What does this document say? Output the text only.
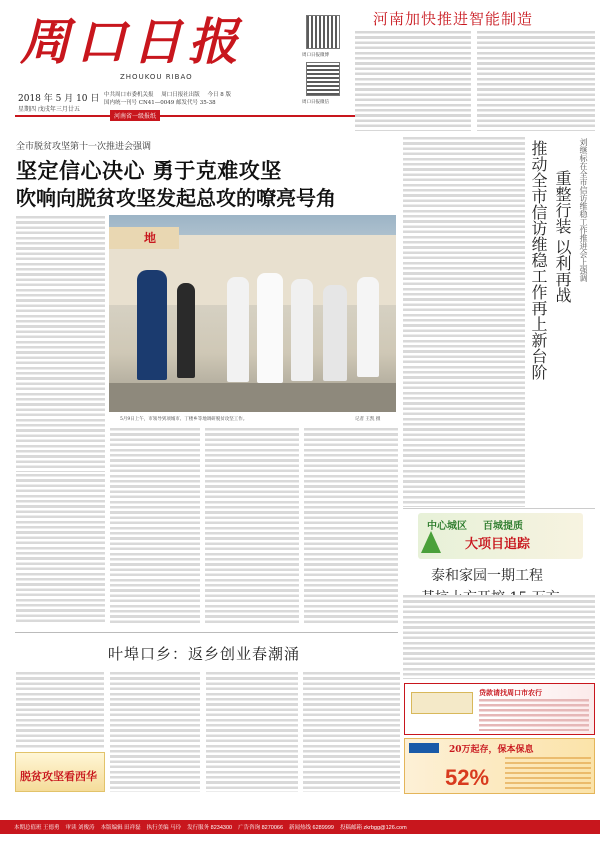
周口日报
ZHOUKOU RIBAO
2018 年 5 月 10 日
星期四 戊戌年三月廿五
中共周口市委机关报 周口日报社出版 今日 8 版
国内统一刊号 CN41—0049 邮发代号 35-38
周口日报微博
周口日报微信
河南省一级报纸
河南加快推进智能制造
全市脱贫攻坚第十一次推进会强调
坚定信心决心 勇于克难攻坚
吹响向脱贫攻坚发起总攻的嘹亮号角
地
5月9日上午，市领导到项城市、丁楼乡等地调研脱贫攻坚工作。	记者 王凯 摄
推动全市信访维稳工作再上新台阶 重整行装 以利再战 刘继标在全市信访维稳工作推进会上强调
中心城区 百城提质
大项目追踪
泰和家园一期工程
叶埠口乡：返乡创业春潮涌
脱贫攻坚看西华
贷款请找周口市农行
20万起存，保本保息
52%
本期总值班 王德勇 审读 刘俊涛 本版编辑 田祥磊 执行美编 马玲 发行服务 8234300 广告咨询 8270066 新闻热线 6289999 投稿邮箱 zkrbgg@126.com
